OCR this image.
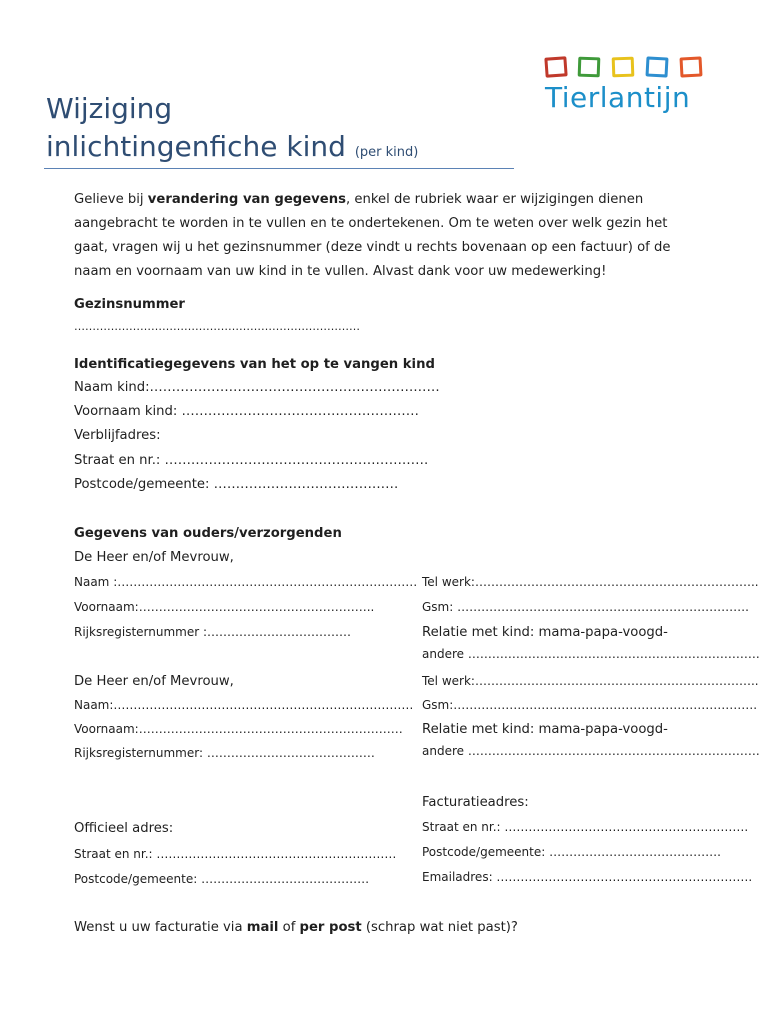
Wijziging
inlichtingenfiche kind (per kind)
Tierlantijn
Gelieve bij verandering van gegevens, enkel de rubriek waar er wijzigingen dienen aangebracht te worden in te vullen en te ondertekenen. Om te weten over welk gezin het gaat, vragen wij u het gezinsnummer (deze vindt u rechts bovenaan op een factuur) of de naam en voornaam van uw kind in te vullen. Alvast dank voor uw medewerking!
Gezinsnummer
……………………………………………………………………
Identificatiegegevens van het op te vangen kind
Naam kind:…………………………………………………………
Voornaam kind: ………………………………………………
Verblijfadres:
Straat en nr.: ……………………………………………………
Postcode/gemeente: ……………………………………
Gegevens van ouders/verzorgenden
De Heer en/of Mevrouw,
Naam :…………………………………………………………………
Voornaam:…………………………………………………..
Rijksregisternummer :………………………………
Tel werk:……………………………………………………………..
Gsm: ……………………………………………………………….
Relatie met kind: mama-papa-voogd-
andere ……………………………………………………………….
De Heer en/of Mevrouw,
Naam:…………………………………………………………………
Voornaam:…………………………………………………………
Rijksregisternummer: ……………………………………
Tel werk:……………………………………………………………..
Gsm:………………………………………………………………….
Relatie met kind: mama-papa-voogd-
andere ……………………………………………………………….
Facturatieadres:
Officieel adres:	Straat en nr.: …………………………………………………….
Straat en nr.: …………………………………………………… Postcode/gemeente: …………………………………….
Postcode/gemeente: ……………………………………	Emailadres: ……………………………………………………….
Wenst u uw facturatie via mail of per post (schrap wat niet past)?
